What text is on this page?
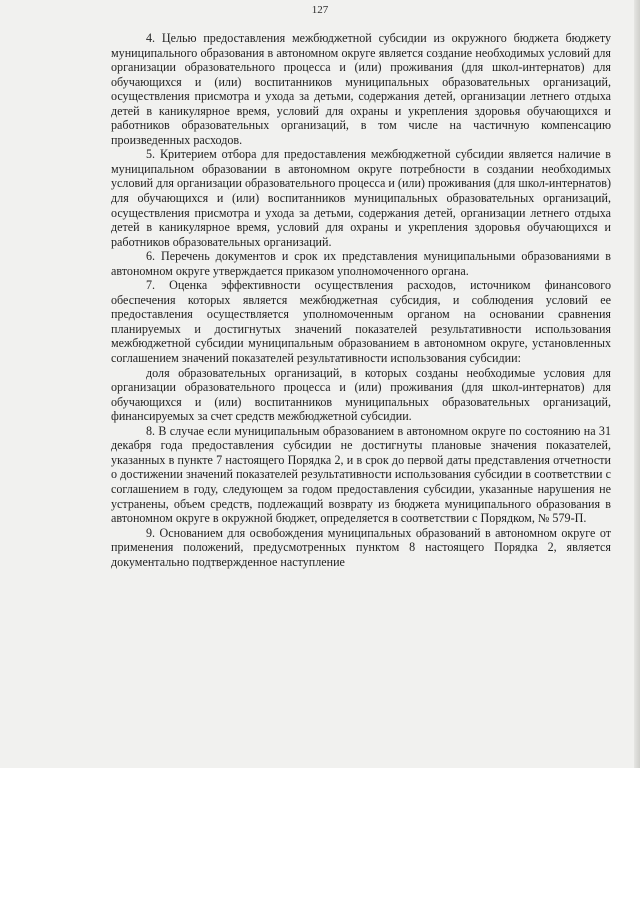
127

4. Целью предоставления межбюджетной субсидии из окружного бюджета бюджету муниципального образования в автономном округе является создание необходимых условий для организации образовательного процесса и (или) проживания (для школ-интернатов) для обучающихся и (или) воспитанников муниципальных образовательных организаций, осуществления присмотра и ухода за детьми, содержания детей, организации летнего отдыха детей в каникулярное время, условий для охраны и укрепления здоровья обучающихся и работников образовательных организаций, в том числе на частичную компенсацию произведенных расходов.

5. Критерием отбора для предоставления межбюджетной субсидии является наличие в муниципальном образовании в автономном округе потребности в создании необходимых условий для организации образовательного процесса и (или) проживания (для школ-интернатов) для обучающихся и (или) воспитанников муниципальных образовательных организаций, осуществления присмотра и ухода за детьми, содержания детей, организации летнего отдыха детей в каникулярное время, условий для охраны и укрепления здоровья обучающихся и работников образовательных организаций.

6. Перечень документов и срок их представления муниципальными образованиями в автономном округе утверждается приказом уполномоченного органа.

7. Оценка эффективности осуществления расходов, источником финансового обеспечения которых является межбюджетная субсидия, и соблюдения условий ее предоставления осуществляется уполномоченным органом на основании сравнения планируемых и достигнутых значений показателей результативности использования межбюджетной субсидии муниципальным образованием в автономном округе, установленных соглашением значений показателей результативности использования субсидии:

доля образовательных организаций, в которых созданы необходимые условия для организации образовательного процесса и (или) проживания (для школ-интернатов) для обучающихся и (или) воспитанников муниципальных образовательных организаций, финансируемых за счет средств межбюджетной субсидии.

8. В случае если муниципальным образованием в автономном округе по состоянию на 31 декабря года предоставления субсидии не достигнуты плановые значения показателей, указанных в пункте 7 настоящего Порядка 2, и в срок до первой даты представления отчетности о достижении значений показателей результативности использования субсидии в соответствии с соглашением в году, следующем за годом предоставления субсидии, указанные нарушения не устранены, объем средств, подлежащий возврату из бюджета муниципального образования в автономном округе в окружной бюджет, определяется в соответствии с Порядком, № 579-П.

9. Основанием для освобождения муниципальных образований в автономном округе от применения положений, предусмотренных пунктом 8 настоящего Порядка 2, является документально подтвержденное наступление
